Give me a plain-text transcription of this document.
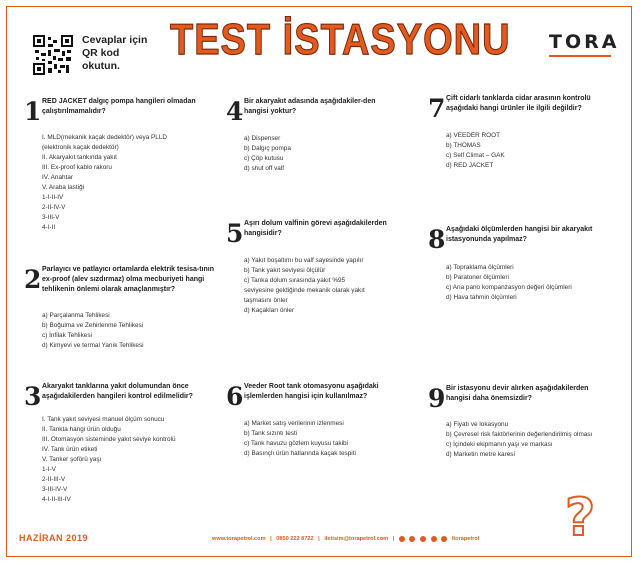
Cevaplar için QR kod okutun.
TEST İSTASYONU TORA
1 RED JACKET dalgıç pompa hangileri olmadan çalıştırılmamalıdır?
I. MLD(mekanik kaçak dedektör) veya PLLD
(elektronik kaçak dedektör)
II. Akaryakıt tankında yakıt
III. Ex-proof kablo rakoru
IV. Anahtar
V. Araba lastiği
1-I-II-IV
2-II-IV-V
3-III-V
4-I-II
2 Parlayıcı ve patlayıcı ortamlarda elektrik tesisa-tının ex-proof (alev sızdırmaz) olma mecburiyeti hangi tehlikenin önlemi olarak amaçlanmıştır?
a) Parçalanma Tehlikesi
b) Boğulma ve Zehirlenme Tehlikesi
c) İnfilak Tehlikesi
d) Kimyevi ve termal Yanık Tehlikesi
3 Akaryakıt tanklarına yakıt dolumundan önce aşağıdakilerden hangileri kontrol edilmelidir?
I. Tank yakıt seviyesi manuel ölçüm sonucu
II. Tankta hangi ürün olduğu
III. Otomasyon sisteminde yakıt seviye kontrolü
IV. Tank ürün etiketi
V. Tanker şoförü yaşı
1-I-V
2-II-III-V
3-III-IV-V
4-I-II-III-IV
4 Bir akaryakıt adasında aşağıdakiler-den hangisi yoktur?
a) Dispenser
b) Dalgıç pompa
c) Çöp kutusu
d) shut off valf
5 Aşırı dolum valfinin görevi aşağıdakilerden hangisidir?
a) Yakıt boşaltımı bu valf sayesinde yapılır
b) Tank yakıt seviyesi ölçülür
c) Tanka dolum sırasında yakıt %95
seviyesine geldiğinde mekanik olarak yakıt
taşmasını önler
d) Kaçakları önler
6 Veeder Root tank otomasyonu aşağıdaki işlemlerden hangisi için kullanılmaz?
a) Market satış verilerinin izlenmesi
b) Tank sızıntı testi
c) Tank havuzu gözlem kuyusu takibi
d) Basınçlı ürün hatlarında kaçak tespiti
7 Çift cidarlı tanklarda cidar arasının kontrolü aşağıdaki hangi ürünler ile ilgili değildir?
a) VEEDER ROOT
b) THOMAS
c) Self Climat – GAK
d) RED JACKET
8 Aşağıdaki ölçümlerden hangisi bir akaryakıt istasyonunda yapılmaz?
a) Topraklama ölçümleri
b) Paratoner ölçümleri
c) Ana pano kompanzasyon değeri ölçümleri
d) Hava tahmin ölçümleri
9 Bir istasyonu devir alırken aşağıdakilerden hangisi daha önemsizdir?
a) Fiyatı ve lokasyonu
b) Çevresel risk faktörlerinin değerlendirilmiş olması
c) İçindeki ekipmanın yaşı ve markası
d) Marketin metre karesi
?
HAZİRAN 2019	www.torapetrol.com | 0850 222 8722 | iletisim@torapetrol.com |	/torapetrol
